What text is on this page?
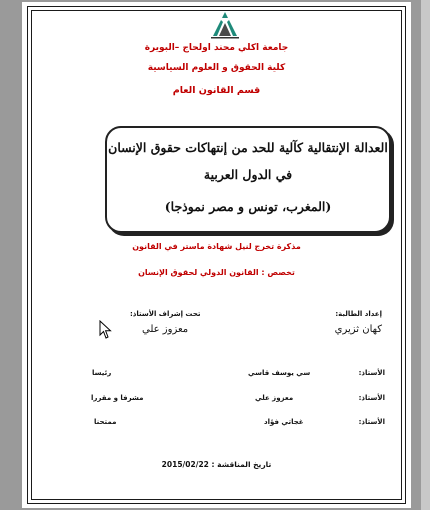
جامعة اكلي محند اولحاج –البويرة
كلية الحقوق و العلوم السياسية
قسم القانون العام
العدالة الإنتقالية كآلية للحد من إنتهاكات حقوق الإنسان
في الدول العربية
(المغرب، تونس و مصر نموذجا)
مذكرة تخرج لنيل شهادة ماستر في القانون
تخصص : القانون الدولي لحقوق الإنسان
إعداد الطالبة:
كهان ثزيري
تحت إشراف الأستاذ:
معزوز علي
الأستاذ:
سي يوسف قاسي
رئيسا
الأستاذ:
معزوز علي
مشرفا و مقررا
الأستاذ:
غجاتي فؤاد
ممتحنا
تاريخ المناقشة : 2015/02/22
